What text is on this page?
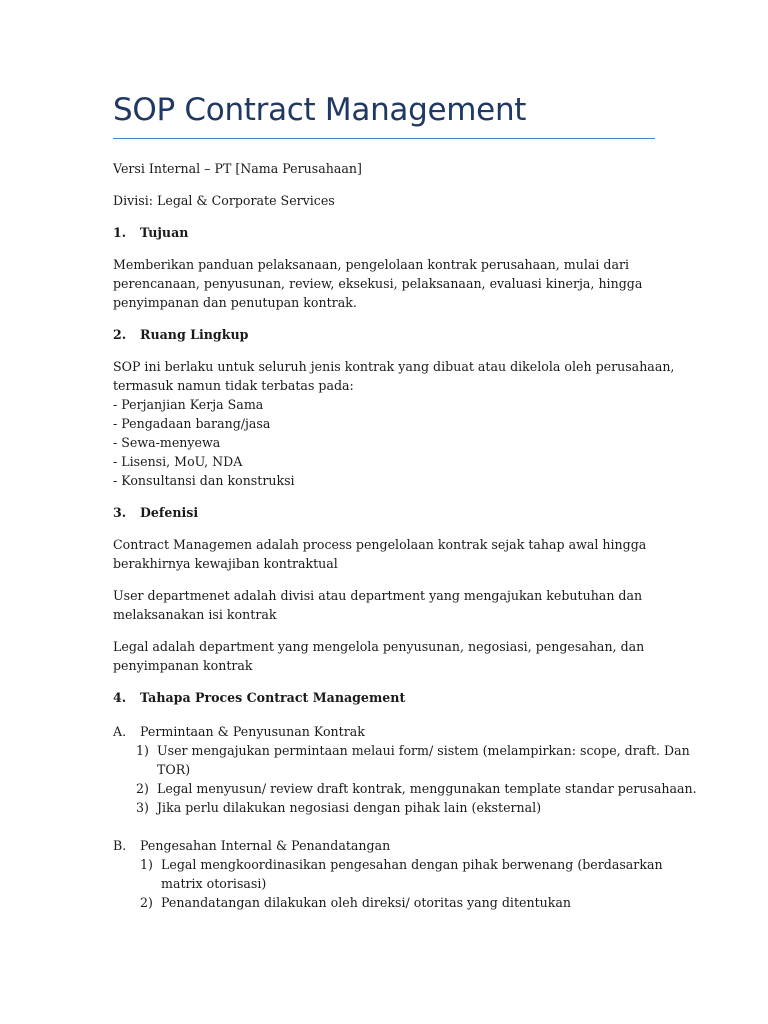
SOP Contract Management

Versi Internal – PT [Nama Perusahaan]

Divisi: Legal & Corporate Services

1. Tujuan
Memberikan panduan pelaksanaan, pengelolaan kontrak perusahaan, mulai dari
perencanaan, penyusunan, review, eksekusi, pelaksanaan, evaluasi kinerja, hingga
penyimpanan dan penutupan kontrak.
2. Ruang Lingkup
SOP ini berlaku untuk seluruh jenis kontrak yang dibuat atau dikelola oleh perusahaan,
termasuk namun tidak terbatas pada:
- Perjanjian Kerja Sama
- Pengadaan barang/jasa
- Sewa-menyewa
- Lisensi, MoU, NDA
- Konsultansi dan konstruksi
3. Defenisi
Contract Managemen adalah process pengelolaan kontrak sejak tahap awal hingga
berakhirnya kewajiban kontraktual
User departmenet adalah divisi atau department yang mengajukan kebutuhan dan
melaksanakan isi kontrak
Legal adalah department yang mengelola penyusunan, negosiasi, pengesahan, dan
penyimpanan kontrak
4. Tahapa Proces Contract Management
A. Permintaan & Penyusunan Kontrak
1) User mengajukan permintaan melaui form/ sistem (melampirkan: scope, draft. Dan
TOR)
2) Legal menyusun/ review draft kontrak, menggunakan template standar perusahaan.
3) Jika perlu dilakukan negosiasi dengan pihak lain (eksternal)
B. Pengesahan Internal & Penandatangan
1) Legal mengkoordinasikan pengesahan dengan pihak berwenang (berdasarkan
matrix otorisasi)
2) Penandatangan dilakukan oleh direksi/ otoritas yang ditentukan
